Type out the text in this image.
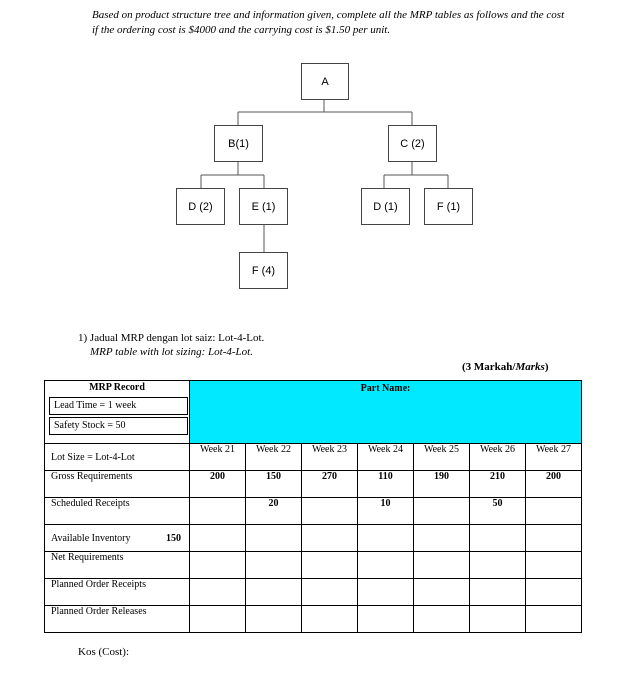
Based on product structure tree and information given, complete all the MRP tables as follows and the cost if the ordering cost is $4000 and the carrying cost is $1.50 per unit.
A
B(1)	C (2)
D (2)	E (1)	D (1)	F (1)
F (4)
1) Jadual MRP dengan lot saiz: Lot-4-Lot.
MRP table with lot sizing: Lot-4-Lot.
(3 Markah/Marks)
MRP Record
Lead Time = 1 week
Safety Stock = 50	Part Name:						
Lot Size = Lot-4-Lot	Week 21	Week 22	Week 23	Week 24	Week 25	Week 26	Week 27
Gross Requirements	200	150	270	110	190	210	200
Scheduled Receipts		20		10		50	
Available Inventory 150							

Net Requirements							
Planned Order Receipts							
Planned Order Releases							
Kos (Cost):
